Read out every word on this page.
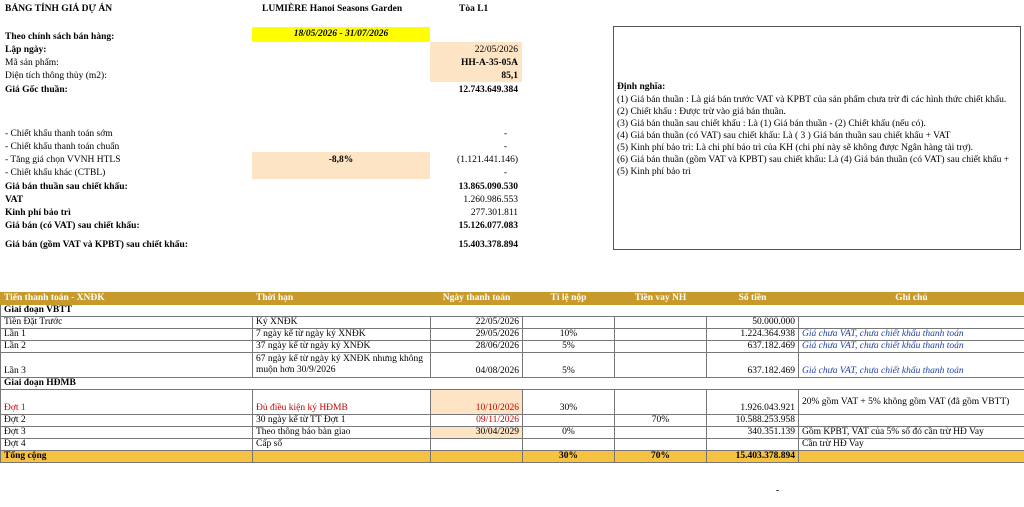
BẢNG TÍNH GIÁ DỰ ÁN	LUMIÈRE Hanoi Seasons Garden	Tòa L1
Theo chính sách bán hàng:	18/05/2026 - 31/07/2026
Lập ngày:	22/05/2026
Mã sản phẩm:	HH-A-35-05A
Diện tích thông thủy (m2):	85,1
Giá Gốc thuần:	12.743.649.384
- Chiết khấu thanh toán sớm	-
- Chiết khấu thanh toán chuẩn	-
- Tăng giá chọn VVNH HTLS	-8,8%	(1.121.441.146)
- Chiết khấu khác (CTBL)	-
Giá bán thuần sau chiết khấu:	13.865.090.530
VAT	1.260.986.553
Kinh phí bảo trì	277.301.811
Giá bán (có VAT) sau chiết khấu:	15.126.077.083
Giá bán (gồm VAT và KPBT) sau chiết khấu:	15.403.378.894
Định nghĩa:
(1) Giá bán thuần : Là giá bán trước VAT và KPBT của sản phẩm chưa trừ đi các hình thức chiết khấu.
(2) Chiết khấu : Được trừ vào giá bán thuần.
(3) Giá bán thuần sau chiết khấu : Là (1) Giá bán thuần - (2) Chiết khấu (nếu có).
(4) Giá bán thuần (có VAT) sau chiết khấu: Là ( 3 ) Giá bán thuần sau chiết khấu + VAT
(5) Kinh phí bảo trì: Là chi phí bảo trì của KH (chi phí này sẽ không được Ngân hàng tài trợ).
(6) Giá bán thuần (gồm VAT và KPBT) sau chiết khấu: Là (4) Giá bán thuần (có VAT) sau chiết khấu + (5) Kinh phí bảo trì
Tiến thanh toán - XNĐK	Thời hạn	Ngày thanh toán	Tỉ lệ nộp	Tiền vay NH	Số tiền	Ghi chú
Giai đoạn VBTT						
Tiền Đặt Trước	Ký XNĐK	22/05/2026			50.000.000	
Lần 1	7 ngày kể từ ngày ký XNĐK	29/05/2026	10%		1.224.364.938	Giá chưa VAT, chưa chiết khấu thanh toán
Lần 2	37 ngày kể từ ngày ký XNĐK	28/06/2026	5%		637.182.469	Giá chưa VAT, chưa chiết khấu thanh toán
Lần 3	67 ngày kể từ ngày ký XNĐK nhưng không muộn hơn 30/9/2026	04/08/2026	5%		637.182.469	Giá chưa VAT, chưa chiết khấu thanh toán
Giai đoạn HĐMB						
Đợt 1	Đủ điều kiện ký HĐMB	10/10/2026	30%		1.926.043.921	20% gồm VAT + 5% không gồm VAT (đã gồm VBTT)
Đợt 2	30 ngày kể từ TT Đợt 1	09/11/2026		70%	10.588.253.958	
Đợt 3	Theo thông báo bàn giao	30/04/2029	0%		340.351.139	Gồm KPBT, VAT của 5% số đó cần trừ HĐ Vay
Đợt 4	Cấp sổ					Cần trừ HĐ Vay
Tổng cộng			30%	70%	15.403.378.894	
-
